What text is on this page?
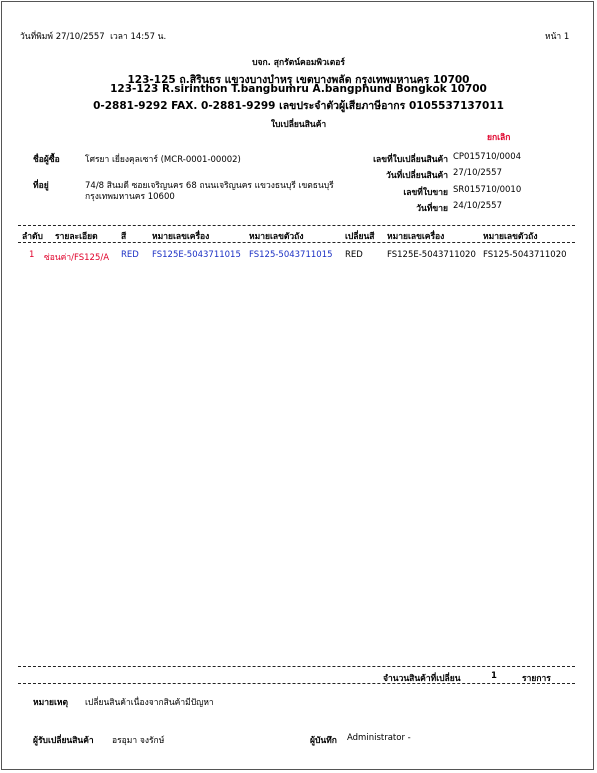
วันที่พิมพ์ 27/10/2557 เวลา 14:57 น.	หน้า 1
บจก. สุกรัตน์คอมพิวเตอร์
123-125 ถ.สิรินธร แขวงบางบำหรุ เขตบางพลัด กรุงเทพมหานคร 10700
123-123 R.sirinthon T.bangbumru A.bangphund Bongkok 10700
0-2881-9292 FAX. 0-2881-9299 เลขประจำตัวผู้เสียภาษีอากร 0105537137011
ใบเปลี่ยนสินค้า
ยกเลิก
ชื่อผู้ซื้อ	โศรยา เยี่ยงคุลเซาร์ (MCR-0001-00002)
ที่อยู่	74/8 สินมดี ซอยเจริญนคร 68 ถนนเจริญนคร แขวงธนบุรี เขตธนบุรี
กรุงเทพมหานคร 10600
เลขที่ใบเปลี่ยนสินค้า CP015710/0004
วันที่เปลี่ยนสินค้า 27/10/2557
เลขที่ใบขาย SR015710/0010
วันที่ขาย 24/10/2557
ลำดับ รายละเอียด	สี	หมายเลขเครื่อง	หมายเลขตัวถัง	เปลี่ยนสี หมายเลขเครื่อง	หมายเลขตัวถัง
1 ซ่อนค่า/FS125/A RED FS125E-5043711015 FS125-5043711015 RED	FS125E-5043711020 FS125-5043711020
จำนวนสินค้าที่เปลี่ยน	1	รายการ
หมายเหตุ เปลี่ยนสินค้าเนื่องจากสินค้ามีปัญหา
ผู้รับเปลี่ยนสินค้า อรอุมา จงรักษ์	ผู้บันทึก Administrator -
